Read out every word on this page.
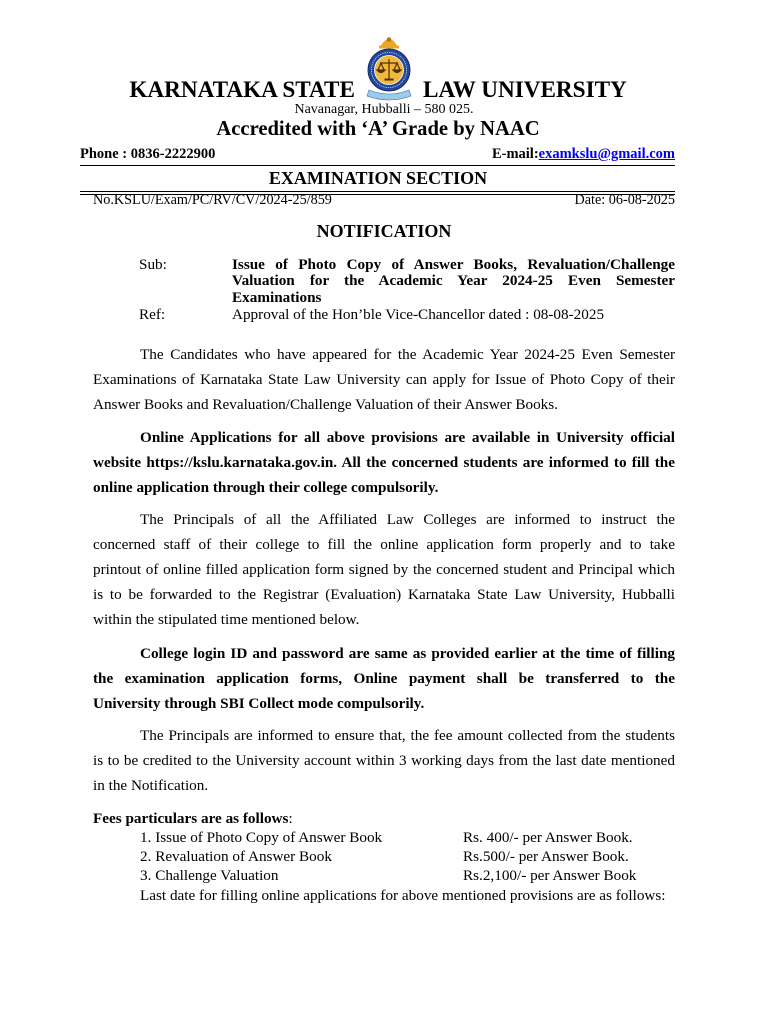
KARNATAKA STATE	LAW UNIVERSITY
Navanagar, Hubballi – 580 025.
Accredited with ‘A’ Grade by NAAC
Phone : 0836-2222900	E-mail:examkslu@gmail.com
EXAMINATION SECTION
No.KSLU/Exam/PC/RV/CV/2024-25/859	Date: 06-08-2025
NOTIFICATION
Sub:	Issue of Photo Copy of Answer Books, Revaluation/Challenge
Valuation for the Academic Year 2024-25 Even Semester
Examinations
Ref:	Approval of the Hon’ble Vice-Chancellor dated : 08-08-2025
The Candidates who have appeared for the Academic Year 2024-25 Even Semester
Examinations of Karnataka State Law University can apply for Issue of Photo Copy of their
Answer Books and Revaluation/Challenge Valuation of their Answer Books.
Online Applications for all above provisions are available in University official
website https://kslu.karnataka.gov.in. All the concerned students are informed to fill the
online application through their college compulsorily.
The Principals of all the Affiliated Law Colleges are informed to instruct the
concerned staff of their college to fill the online application form properly and to take
printout of online filled application form signed by the concerned student and Principal which
is to be forwarded to the Registrar (Evaluation) Karnataka State Law University, Hubballi
within the stipulated time mentioned below.
College login ID and password are same as provided earlier at the time of filling
the examination application forms, Online payment shall be transferred to the
University through SBI Collect mode compulsorily.
The Principals are informed to ensure that, the fee amount collected from the students
is to be credited to the University account within 3 working days from the last date mentioned
in the Notification.
Fees particulars are as follows:
1. Issue of Photo Copy of Answer Book	Rs. 400/- per Answer Book.
2. Revaluation of Answer Book	Rs.500/- per Answer Book.
3. Challenge Valuation	Rs.2,100/- per Answer Book
Last date for filling online applications for above mentioned provisions are as follows:
